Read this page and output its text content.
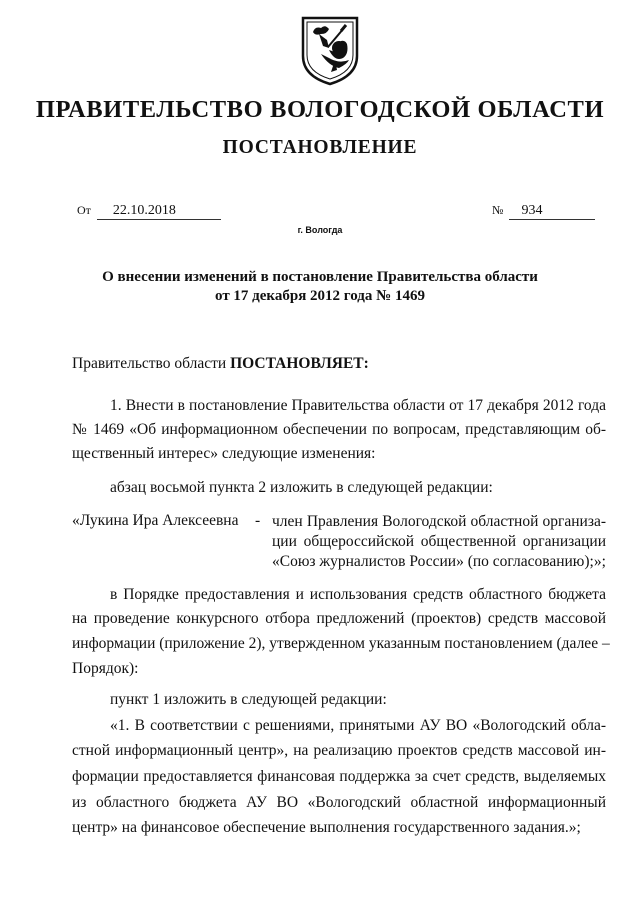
ПРАВИТЕЛЬСТВО ВОЛОГОДСКОЙ ОБЛАСТИ
ПОСТАНОВЛЕНИЕ
От 22.10.2018	№ 934
г. Вологда
О внесении изменений в постановление Правительства области
от 17 декабря 2012 года № 1469
Правительство области ПОСТАНОВЛЯЕТ:
1. Внести в постановление Правительства области от 17 декабря 2012 года
№ 1469 «Об информационном обеспечении по вопросам, представляющим об-
щественный интерес» следующие изменения:
абзац восьмой пункта 2 изложить в следующей редакции:
«Лукина Ира Алексеевна - член Правления Вологодской областной организа-
ции общероссийской общественной организации
«Союз журналистов России» (по согласованию);»;
в Порядке предоставления и использования средств областного бюджета
на проведение конкурсного отбора предложений (проектов) средств массовой
информации (приложение 2), утвержденном указанным постановлением (далее –
Порядок):
пункт 1 изложить в следующей редакции:
«1. В соответствии с решениями, принятыми АУ ВО «Вологодский обла-
стной информационный центр», на реализацию проектов средств массовой ин-
формации предоставляется финансовая поддержка за счет средств, выделяемых
из областного бюджета АУ ВО «Вологодский областной информационный
центр» на финансовое обеспечение выполнения государственного задания.»;
